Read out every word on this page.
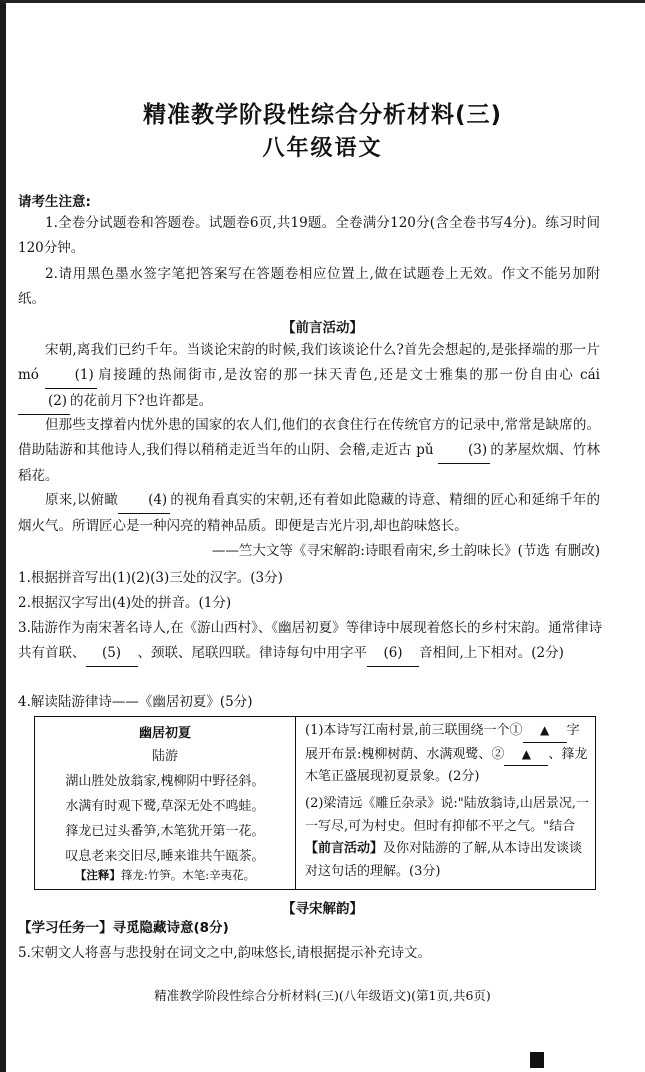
精准教学阶段性综合分析材料(三)
八年级语文
请考生注意:
1.全卷分试题卷和答题卷。试题卷6页,共19题。全卷满分120分(含全卷书写4分)。练习时间120分钟。
2.请用黑色墨水签字笔把答案写在答题卷相应位置上,做在试题卷上无效。作文不能另加附纸。
【前言活动】
宋朝,离我们已约千年。当谈论宋韵的时候,我们该谈论什么?首先会想起的,是张择端的那一片 mó (1) 肩接踵的热闹街市,是汝窑的那一抹天青色,还是文士雅集的那一份自由心 cái (2) 的花前月下?也许都是。
但那些支撑着内忧外患的国家的农人们,他们的衣食住行在传统官方的记录中,常常是缺席的。借助陆游和其他诗人,我们得以稍稍走近当年的山阴、会稽,走近古 pǔ (3) 的茅屋炊烟、竹林稻花。
原来,以俯瞰 (4) 的视角看真实的宋朝,还有着如此隐藏的诗意、精细的匠心和延绵千年的烟火气。所谓匠心是一种闪亮的精神品质。即便是吉光片羽,却也韵味悠长。
——竺大文等《寻宋解韵:诗眼看南宋,乡土韵味长》(节选 有删改)
1.根据拼音写出(1)(2)(3)三处的汉字。(3分)
2.根据汉字写出(4)处的拼音。(1分)
3.陆游作为南宋著名诗人,在《游山西村》、《幽居初夏》等律诗中展现着悠长的乡村宋韵。通常律诗共有首联、 (5) 、颈联、尾联四联。律诗每句中用字平 (6) 音相间,上下相对。(2分)
4.解读陆游律诗——《幽居初夏》(5分)
幽居初夏
陆游
湖山胜处放翁家,槐柳阴中野径斜。
水满有时观下鹭,草深无处不鸣蛙。
箨龙已过头番笋,木笔犹开第一花。
叹息老来交旧尽,睡来谁共午瓯茶。
【注释】箨龙:竹笋。木笔:辛夷花。
(1)本诗写江南村景,前三联围绕一个① ▲ 字展开布景:槐柳树荫、水满观鹭、② ▲ 、箨龙木笔正盛展现初夏景象。(2分)
(2)梁清远《雕丘杂录》说:"陆放翁诗,山居景况,一一写尽,可为村史。但时有抑郁不平之气。"结合【前言活动】及你对陆游的了解,从本诗出发谈谈对这句话的理解。(3分)
【寻宋解韵】
【学习任务一】寻觅隐藏诗意(8分)
5.宋朝文人将喜与悲投射在词文之中,韵味悠长,请根据提示补充诗文。
精准教学阶段性综合分析材料(三)(八年级语文)(第1页,共6页)
